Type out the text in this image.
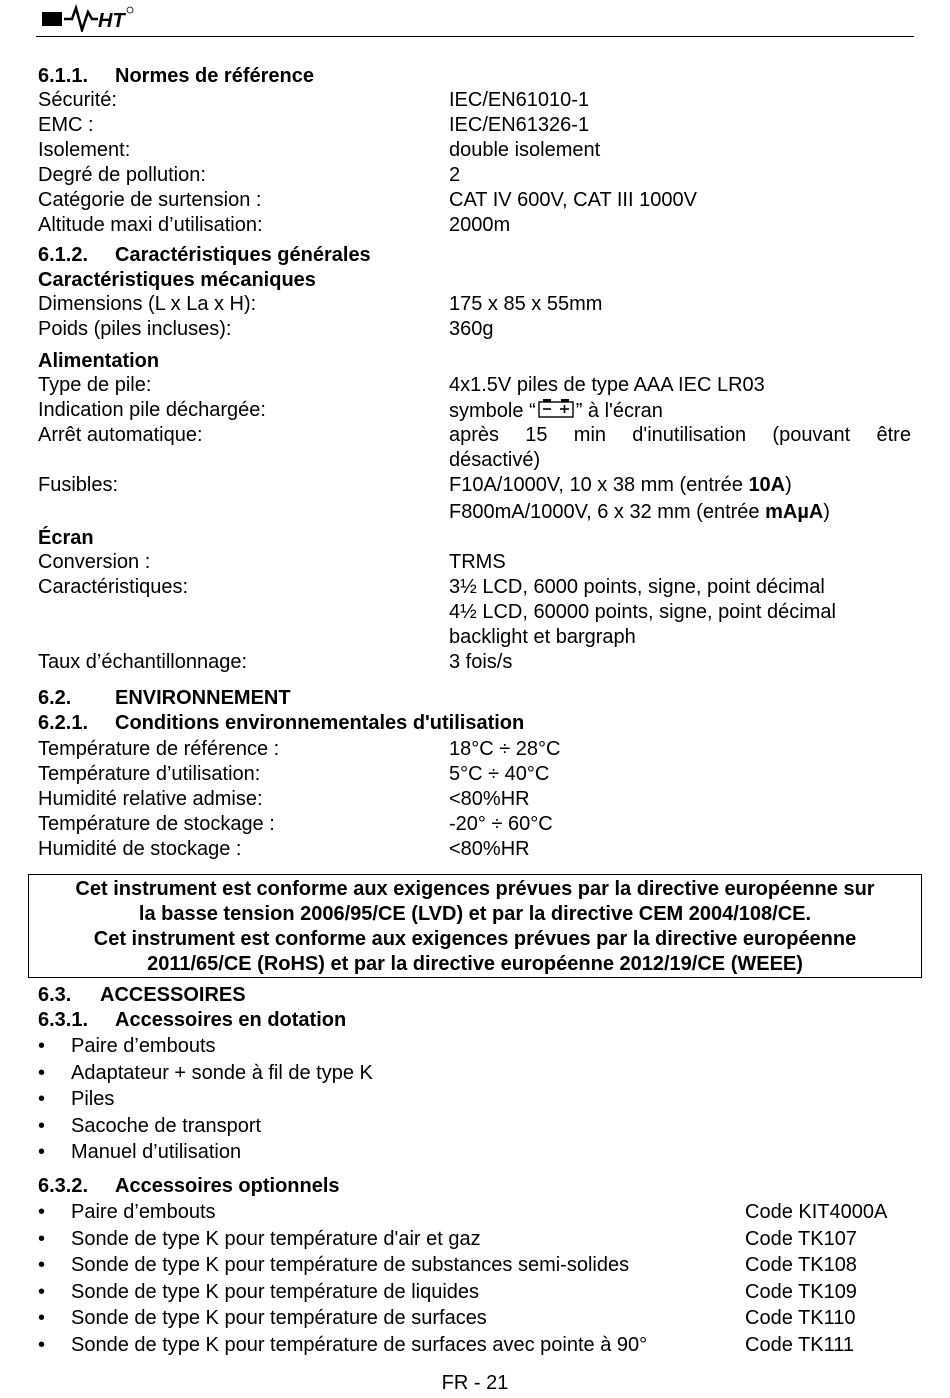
HT
6.1.1. Normes de référence
Sécurité:	IEC/EN61010-1
EMC :	IEC/EN61326-1
Isolement:	double isolement
Degré de pollution:	2
Catégorie de surtension :	CAT IV 600V, CAT III 1000V
Altitude maxi d’utilisation:	2000m
6.1.2. Caractéristiques générales
Caractéristiques mécaniques
Dimensions (L x La x H):	175 x 85 x 55mm
Poids (piles incluses):	360g
Alimentation
Type de pile:	4x1.5V piles de type AAA IEC LR03
Indication pile déchargée:	symbole “ ” à l'écran
Arrêt automatique:	après 15 min d'inutilisation (pouvant être
désactivé)
Fusibles:	F10A/1000V, 10 x 38 mm (entrée 10A)
F800mA/1000V, 6 x 32 mm (entrée mAµA)
Écran
Conversion :	TRMS
Caractéristiques:	3½ LCD, 6000 points, signe, point décimal
4½ LCD, 60000 points, signe, point décimal
backlight et bargraph
Taux d’échantillonnage:	3 fois/s
6.2. ENVIRONNEMENT
6.2.1. Conditions environnementales d'utilisation
Température de référence :	18°C ÷ 28°C
Température d’utilisation:	5°C ÷ 40°C
Humidité relative admise:	<80%HR
Température de stockage :	-20° ÷ 60°C
Humidité de stockage :	<80%HR
Cet instrument est conforme aux exigences prévues par la directive européenne sur
la basse tension 2006/95/CE (LVD) et par la directive CEM 2004/108/CE.
Cet instrument est conforme aux exigences prévues par la directive européenne
2011/65/CE (RoHS) et par la directive européenne 2012/19/CE (WEEE)
6.3. ACCESSOIRES
6.3.1. Accessoires en dotation
• Paire d’embouts
• Adaptateur + sonde à fil de type K
• Piles
• Sacoche de transport
• Manuel d’utilisation
6.3.2. Accessoires optionnels
• Paire d’embouts	Code KIT4000A
• Sonde de type K pour température d'air et gaz	Code TK107
• Sonde de type K pour température de substances semi-solides	Code TK108
• Sonde de type K pour température de liquides	Code TK109
• Sonde de type K pour température de surfaces	Code TK110
• Sonde de type K pour température de surfaces avec pointe à 90°	Code TK111
FR - 21
